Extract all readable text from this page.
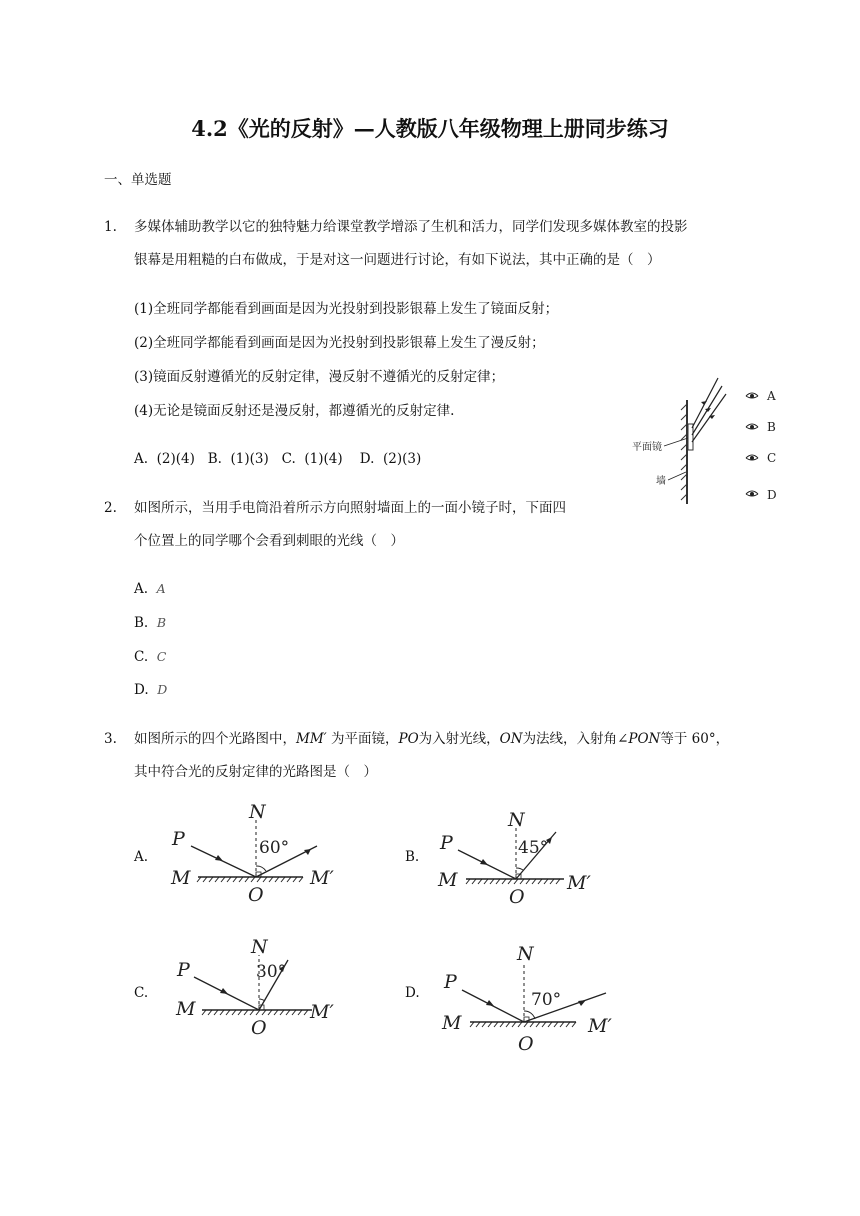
4.2《光的反射》—人教版八年级物理上册同步练习
一、单选题
1. 多媒体辅助教学以它的独特魅力给课堂教学增添了生机和活力，同学们发现多媒体教室的投影
银幕是用粗糙的白布做成，于是对这一问题进行讨论，有如下说法，其中正确的是（　）
(1)全班同学都能看到画面是因为光投射到投影银幕上发生了镜面反射；
(2)全班同学都能看到画面是因为光投射到投影银幕上发生了漫反射；
(3)镜面反射遵循光的反射定律，漫反射不遵循光的反射定律；
(4)无论是镜面反射还是漫反射，都遵循光的反射定律.
A.  (2)(4)   B.  (1)(3)   C.  (1)(4)    D.  (2)(3)
2. 如图所示，当用手电筒沿着所示方向照射墙面上的一面小镜子时，下面四
个位置上的同学哪个会看到刺眼的光线（　）
A. A
B. B
C. C
D. D
平面镜
墙
A
B
C
D
3. 如图所示的四个光路图中，MM′ 为平面镜，PO为入射光线，ON为法线，入射角∠PON等于 60°，
其中符合光的反射定律的光路图是（　）
A.
N
P
M	M′
O
60°	B.
N
P
M	M′
O
45°
C.
N
P
M	M′
O
30°
D.
N
P
M	M′
O
70°
